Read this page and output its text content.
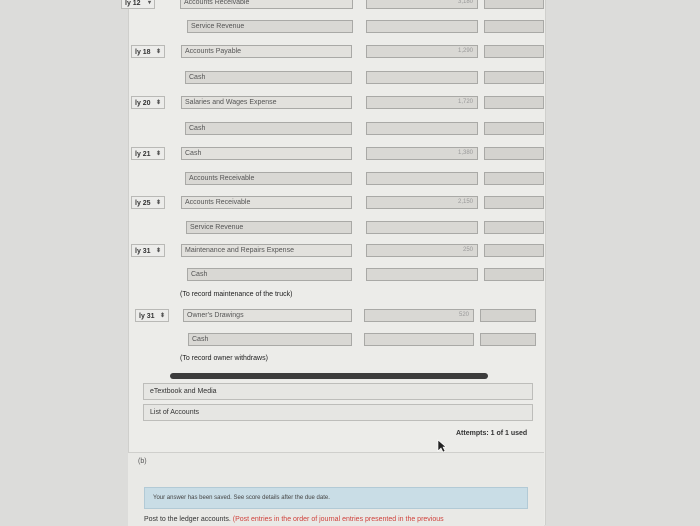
ly 12 ▾	Accounts Receivable	3,180
Service Revenue
ly 18 ⬍	Accounts Payable	1,290
Cash
ly 20 ⬍	Salaries and Wages Expense	1,720
Cash
ly 21 ⬍	Cash	1,380
Accounts Receivable
ly 25 ⬍	Accounts Receivable	2,150
Service Revenue
ly 31 ⬍	Maintenance and Repairs Expense	250
Cash
(To record maintenance of the truck)
ly 31 ⬍	Owner's Drawings	520
Cash
(To record owner withdraws)
eTextbook and Media
List of Accounts
Attempts: 1 of 1 used
(b)
Your answer has been saved. See score details after the due date.
Post to the ledger accounts. (Post entries in the order of journal entries presented in the previous
